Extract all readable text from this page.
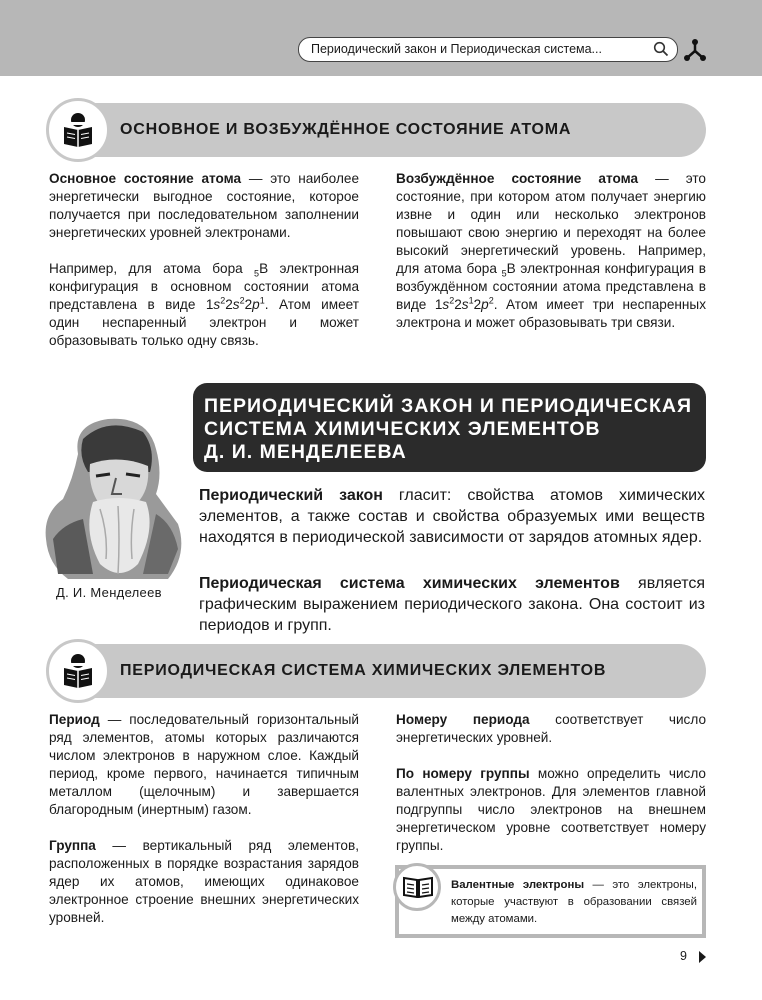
Периодический закон и Периодическая система...
ОСНОВНОЕ И ВОЗБУЖДЁННОЕ СОСТОЯНИЕ АТОМА

Основное состояние атома — это наиболее энергетически выгодное состояние, которое получается при последовательном заполнении энергетических уровней электронами.

Например, для атома бора $_5$B электронная конфигурация в основном состоянии атома представлена в виде $1s^22s^22p^1$. Атом имеет один неспаренный электрон и может образовывать только одну связь.

Возбуждённое состояние атома — это состояние, при котором атом получает энергию извне и один или несколько электронов повышают свою энергию и переходят на более высокий энергетический уровень. Например, для атома бора $_5$B электронная конфигурация в возбуждённом состоянии атома представлена в виде $1s^22s^12p^2$. Атом имеет три неспаренных электрона и может образовывать три связи.

ПЕРИОДИЧЕСКИЙ ЗАКОН И ПЕРИОДИЧЕСКАЯ
СИСТЕМА ХИМИЧЕСКИХ ЭЛЕМЕНТОВ
Д. И. МЕНДЕЛЕЕВА
Д. И. Менделеев
Периодический закон гласит: свойства атомов химических элементов, а также состав и свойства образуемых ими веществ находятся в периодической зависимости от зарядов атомных ядер.
Периодическая система химических элементов является графическим выражением периодического закона. Она состоит из периодов и групп.
ПЕРИОДИЧЕСКАЯ СИСТЕМА ХИМИЧЕСКИХ ЭЛЕМЕНТОВ

Период — последовательный горизонтальный ряд элементов, атомы которых различаются числом электронов в наружном слое. Каждый период, кроме первого, начинается типичным металлом (щелочным) и завершается благородным (инертным) газом.

Группа — вертикальный ряд элементов, расположенных в порядке возрастания зарядов ядер их атомов, имеющих одинаковое электронное строение внешних энергетических уровней.

Номеру периода соответствует число энергетических уровней.

По номеру группы можно определить число валентных электронов. Для элементов главной подгруппы число электронов на внешнем энергетическом уровне соответствует номеру группы.

Валентные электроны — это электроны, которые участвуют в образовании связей между атомами.
9
